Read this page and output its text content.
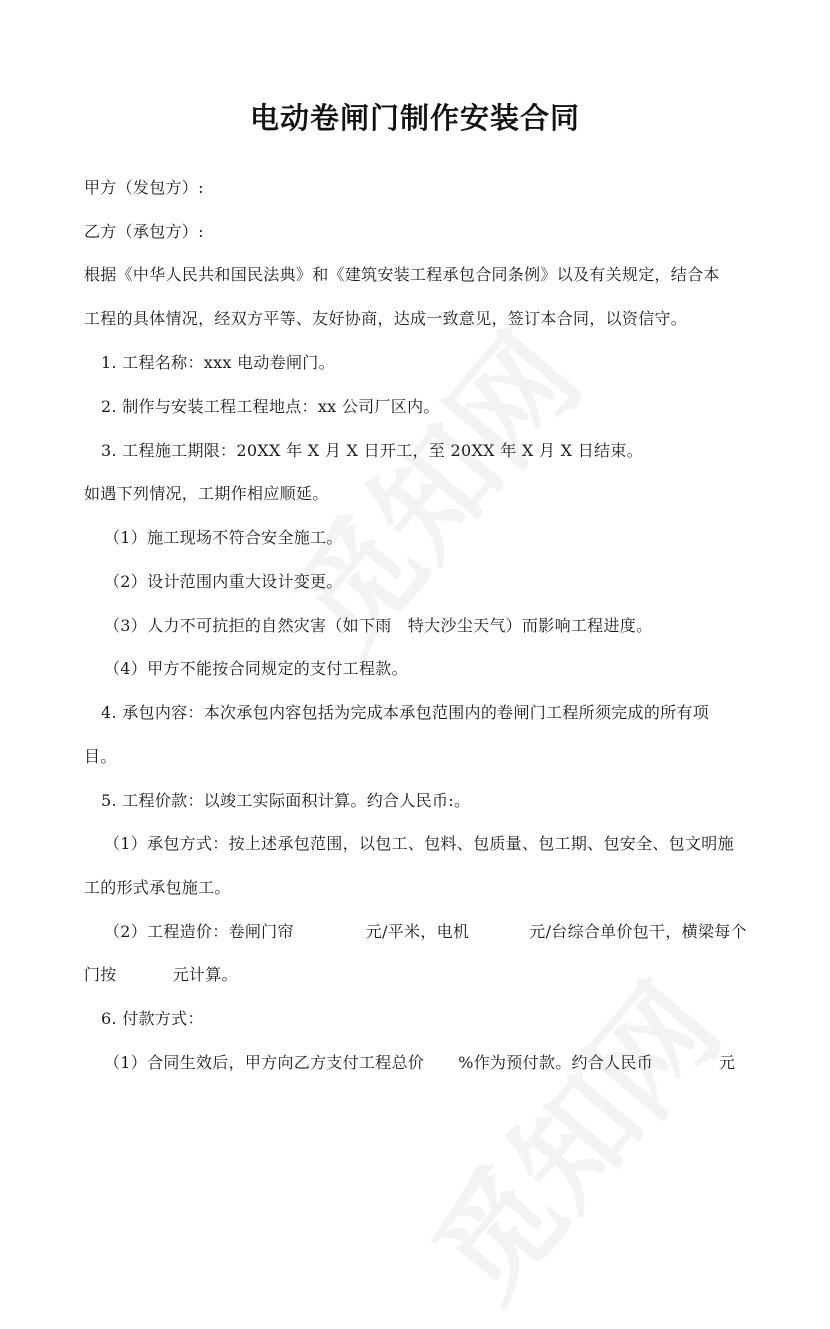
电动卷闸门制作安装合同
甲方（发包方）:
乙方（承包方）:
根据《中华人民共和国民法典》和《建筑安装工程承包合同条例》以及有关规定，结合本
工程的具体情况，经双方平等、友好协商，达成一致意见，签订本合同，以资信守。
1. 工程名称：xxx 电动卷闸门。
2. 制作与安装工程工程地点：xx 公司厂区内。
3. 工程施工期限：20XX 年 X 月 X 日开工，至 20XX 年 X 月 X 日结束。
如遇下列情况，工期作相应顺延。
（1）施工现场不符合安全施工。
（2）设计范围内重大设计变更。
（3）人力不可抗拒的自然灾害（如下雨　特大沙尘天气）而影响工程进度。
（4）甲方不能按合同规定的支付工程款。
4. 承包内容：本次承包内容包括为完成本承包范围内的卷闸门工程所须完成的所有项
目。
5. 工程价款：以竣工实际面积计算。约合人民币:。
（1）承包方式：按上述承包范围，以包工、包料、包质量、包工期、包安全、包文明施
工的形式承包施工。
（2）工程造价：卷闸门帘	元/平米，电机	元/台综合单价包干，横梁每个
门按	元计算。
6. 付款方式：
（1）合同生效后，甲方向乙方支付工程总价 %作为预付款。约合人民币	元
